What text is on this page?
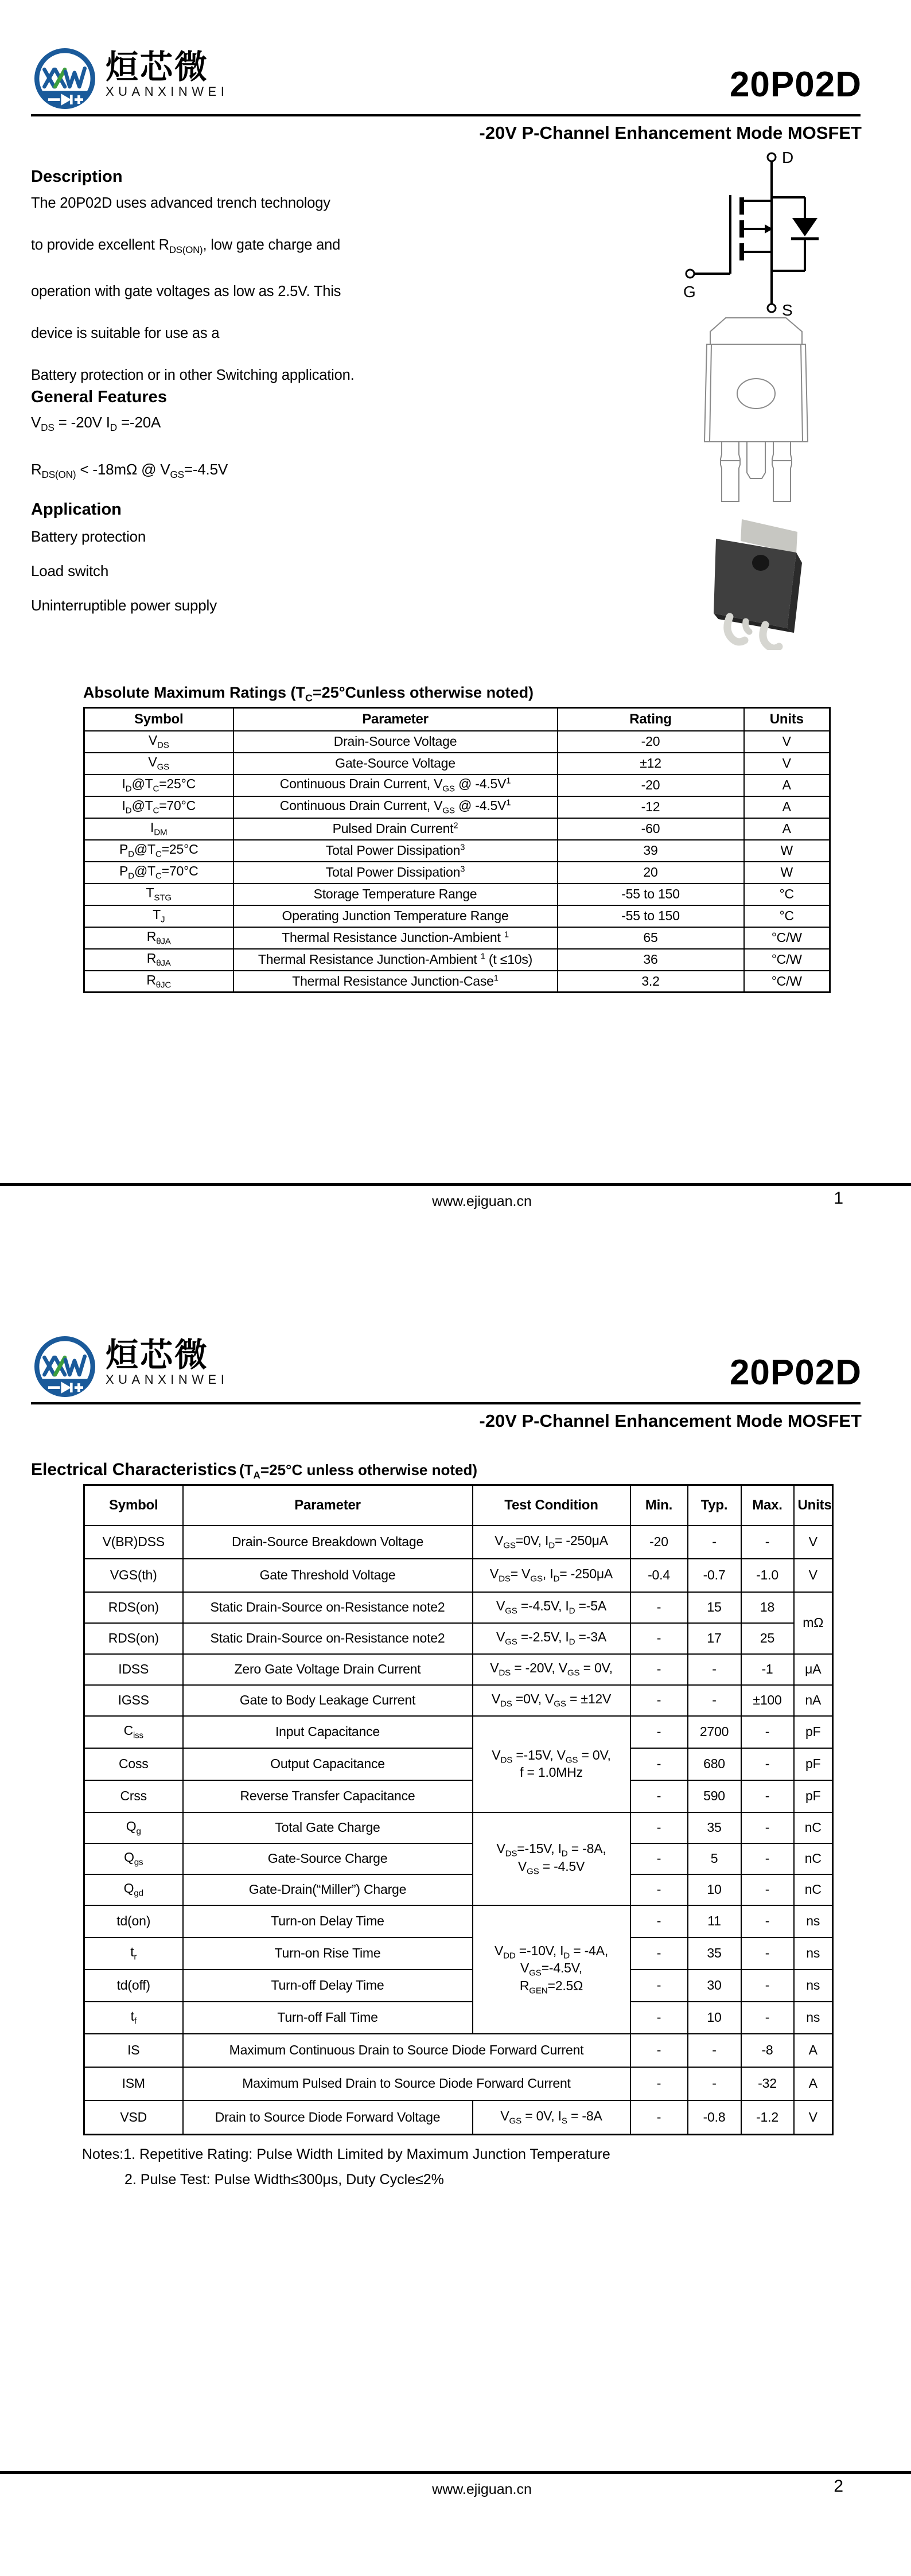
烜芯微
XUANXINWEI	20P02D
-20V P-Channel Enhancement Mode MOSFET
Description
The 20P02D uses advanced trench technology
to provide excellent $R_{DS(ON)}$, low gate charge and
operation with gate voltages as low as 2.5V. This
device is suitable for use as a
Battery protection or in other Switching application.
General Features
$V_{DS} = -20V$ $I_D =-20A$
$R_{DS(ON)} < -18m\Omega$ @ $V_{GS}=-4.5V$
Application
Battery protection
Load switch
Uninterruptible power supply
D
G
S
Absolute Maximum Ratings ($T_C=25^\circ Cunless$ otherwise noted)
Symbol	Parameter	Rating	Units
$V_{DS}$	Drain-Source Voltage	-20	V
$V_{GS}$	Gate-Source Voltage	±12	V
$I_D@T_C=25^\circ C$	Continuous Drain Current, $V_{GS}$ @ $-4.5V^1$	-20	A
$I_D@T_C=70^\circ C$	Continuous Drain Current, $V_{GS}$ @ $-4.5V^1$	-12	A
$I_{DM}$	Pulsed Drain Current$^2$	-60	A
$P_D@T_C=25^\circ C$	Total Power Dissipation$^3$	39	W
$P_D@T_C=70^\circ C$	Total Power Dissipation$^3$	20	W
$T_{STG}$	Storage Temperature Range	-55 to 150	°C
$T_J$	Operating Junction Temperature Range	-55 to 150	°C
$R_{\theta JA}$	Thermal Resistance Junction-Ambient $^1$	65	°C/W
$R_{\theta JA}$	Thermal Resistance Junction-Ambient $^1$ (t ≤10s)	36	°C/W
$R_{\theta JC}$	Thermal Resistance Junction-Case$^1$	3.2	°C/W
www.ejiguan.cn	1
烜芯微
XUANXINWEI	20P02D
-20V P-Channel Enhancement Mode MOSFET
Electrical Characteristics ($T_A=25^\circ C$ unless otherwise noted)
Symbol	Parameter	Test Condition	Min.	Typ.	Max.	Units
V(BR)DSS	Drain-Source Breakdown Voltage	$V_{GS}=0V$, $I_D= -250\mu A$	-20	-	-	V
VGS(th)	Gate Threshold Voltage	$V_{DS}= V_{GS}$, $I_D= -250\mu A$	-0.4	-0.7	-1.0	V
RDS(on)	Static Drain-Source on-Resistance note2	$V_{GS} =-4.5V$, $I_D =-5A$	-	15	18	mΩ
RDS(on)	Static Drain-Source on-Resistance note2	$V_{GS} =-2.5V$, $I_D =-3A$	-	17	25	
IDSS	Zero Gate Voltage Drain Current	$V_{DS} = -20V$, $V_{GS} = 0V$,	-	-	-1	μA
IGSS	Gate to Body Leakage Current	$V_{DS} =0V$, $V_{GS} = \pm 12V$	-	-	±100	nA
$C_{iss}$	Input Capacitance	$V_{DS} =-15V$, $V_{GS} = 0V$,
f = 1.0MHz	-	2700	-	pF
Coss	Output Capacitance		-	680	-	pF
Crss	Reverse Transfer Capacitance		-	590	-	pF
$Q_g$	Total Gate Charge	$V_{DS}=-15V$, $I_D = -8A$,
$V_{GS} = -4.5V$	-	35	-	nC
$Q_{gs}$	Gate-Source Charge		-	5	-	nC
$Q_{gd}$	Gate-Drain(“Miller”) Charge		-	10	-	nC
td(on)	Turn-on Delay Time	$V_{DD} =-10V$, $I_D = -4A$,
$V_{GS}=-4.5V$,
$R_{GEN}=2.5\Omega$	-	11	-	ns
$t_r$	Turn-on Rise Time		-	35	-	ns
td(off)	Turn-off Delay Time		-	30	-	ns
$t_f$	Turn-off Fall Time		-	10	-	ns
IS	Maximum Continuous Drain to Source Diode Forward Current		-	-	-8	A
ISM	Maximum Pulsed Drain to Source Diode Forward Current		-	-	-32	A
VSD	Drain to Source Diode Forward Voltage	$V_{GS} = 0V$, $I_S = -8A$	-	-0.8	-1.2	V
Notes:1. Repetitive Rating: Pulse Width Limited by Maximum Junction Temperature
2. Pulse Test: Pulse Width≤300μs, Duty Cycle≤2%
www.ejiguan.cn	2
